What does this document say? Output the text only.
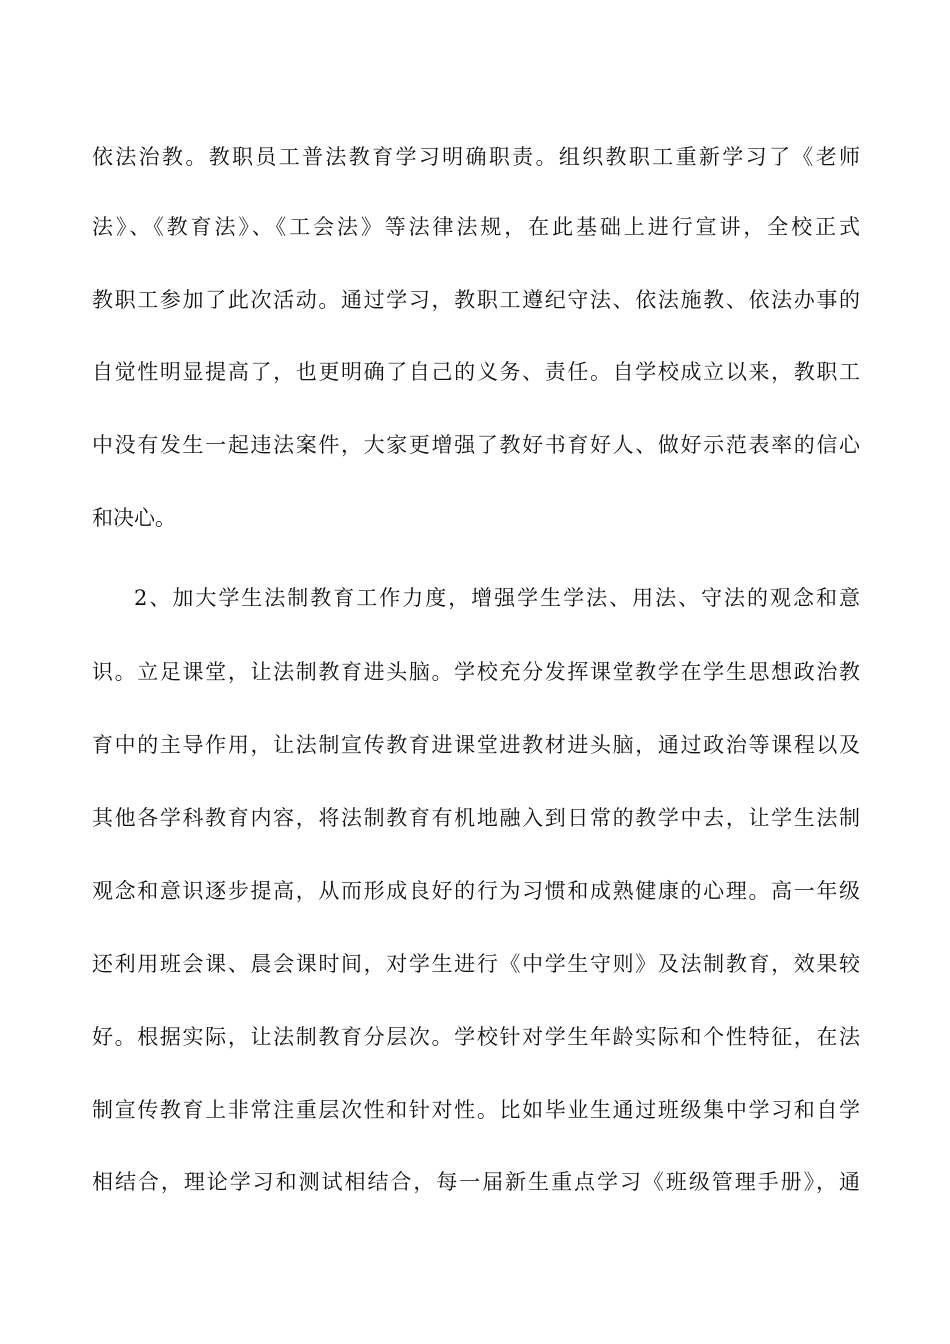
依法治教。教职员工普法教育学习明确职责。组织教职工重新学习了《老师
法》、《教育法》、《工会法》等法律法规，在此基础上进行宣讲，全校正式
教职工参加了此次活动。通过学习，教职工遵纪守法、依法施教、依法办事的
自觉性明显提高了，也更明确了自己的义务、责任。自学校成立以来，教职工
中没有发生一起违法案件，大家更增强了教好书育好人、做好示范表率的信心
和决心。
2、加大学生法制教育工作力度，增强学生学法、用法、守法的观念和意
识。立足课堂，让法制教育进头脑。学校充分发挥课堂教学在学生思想政治教
育中的主导作用，让法制宣传教育进课堂进教材进头脑，通过政治等课程以及
其他各学科教育内容，将法制教育有机地融入到日常的教学中去，让学生法制
观念和意识逐步提高，从而形成良好的行为习惯和成熟健康的心理。高一年级
还利用班会课、晨会课时间，对学生进行《中学生守则》及法制教育，效果较
好。根据实际，让法制教育分层次。学校针对学生年龄实际和个性特征，在法
制宣传教育上非常注重层次性和针对性。比如毕业生通过班级集中学习和自学
相结合，理论学习和测试相结合，每一届新生重点学习《班级管理手册》，通
